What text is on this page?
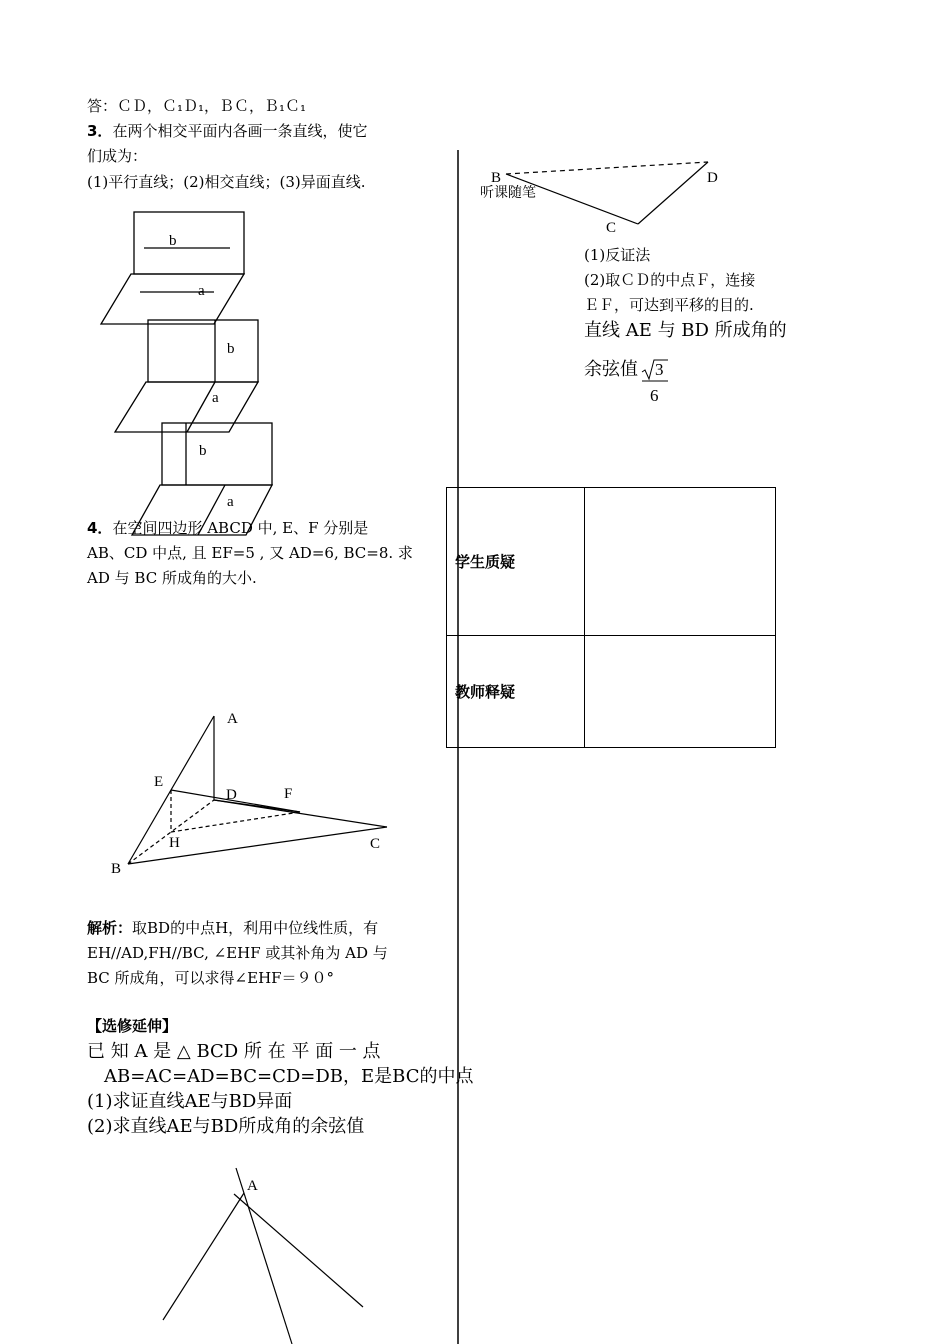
答：ＣＤ，Ｃ₁Ｄ₁，ＢＣ，Ｂ₁Ｃ₁
3．在两个相交平面内各画一条直线，使它
们成为：
(1)平行直线；(2)相交直线；(3)异面直线.
4．在空间四边形 ABCD 中, E、F 分别是
AB、CD 中点, 且 EF=5 , 又 AD=6, BC=8. 求
AD 与 BC 所成角的大小.
解析：取BD的中点H，利用中位线性质，有
EH//AD,FH//BC, ∠EHF 或其补角为 AD 与
BC 所成角，可以求得∠EHF＝９０°
【选修延伸】
已 知 A 是 △ BCD 所 在 平 面 一 点
AB=AC=AD=BC=CD=DB，E是BC的中点
(1)求证直线AE与BD异面
(2)求直线AE与BD所成角的余弦值
b
a
b
a
b
a
A
E
D	F
H
B
C
A
B	D
C
听课随笔
(1)反证法
(2)取ＣＤ的中点Ｆ，连接
ＥＦ，可达到平移的目的.
直线 AE 与 BD 所成角的
余弦值 3
6
学生质疑	
教师释疑	
